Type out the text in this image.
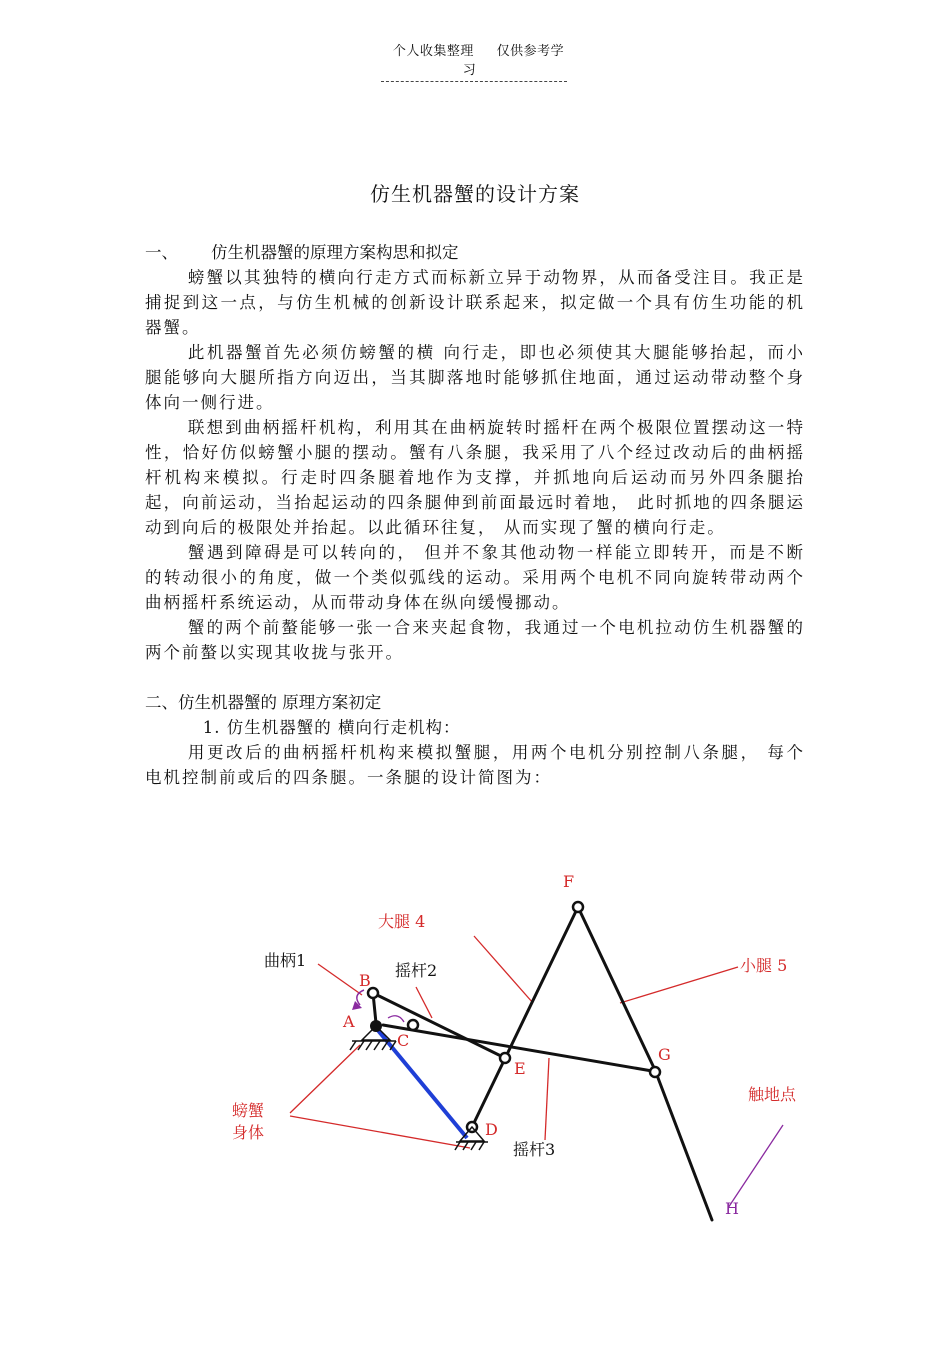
个人收集整理 仅供参考学习
仿生机器蟹的设计方案

一、 仿生机器蟹的原理方案构思和拟定

螃蟹以其独特的横向行走方式而标新立异于动物界，从而备受注目。我正是捕捉到这一点，与仿生机械的创新设计联系起来，拟定做一个具有仿生功能的机器蟹。

此机器蟹首先必须仿螃蟹的横 向行走，即也必须使其大腿能够抬起，而小腿能够向大腿所指方向迈出，当其脚落地时能够抓住地面，通过运动带动整个身体向一侧行进。

联想到曲柄摇杆机构，利用其在曲柄旋转时摇杆在两个极限位置摆动这一特性，恰好仿似螃蟹小腿的摆动。蟹有八条腿，我采用了八个经过改动后的曲柄摇杆机构来模拟。行走时四条腿着地作为支撑，并抓地向后运动而另外四条腿抬起，向前运动，当抬起运动的四条腿伸到前面最远时着地， 此时抓地的四条腿运动到向后的极限处并抬起。以此循环往复， 从而实现了蟹的横向行走。

蟹遇到障碍是可以转向的， 但并不象其他动物一样能立即转开，而是不断的转动很小的角度，做一个类似弧线的运动。采用两个电机不同向旋转带动两个曲柄摇杆系统运动，从而带动身体在纵向缓慢挪动。

蟹的两个前螯能够一张一合来夹起食物，我通过一个电机拉动仿生机器蟹的 两个前螯以实现其收拢与张开。

二、仿生机器蟹的 原理方案初定

1. 仿生机器蟹的 横向行走机构：

用更改后的曲柄摇杆机构来模拟蟹腿，用两个电机分别控制八条腿， 每个电机控制前或后的四条腿。一条腿的设计简图为：

F
大腿 4
曲柄1
摇杆2	小腿 5
B
A
C
E
G
D
摇杆3
螃蟹
身体
触地点
H
